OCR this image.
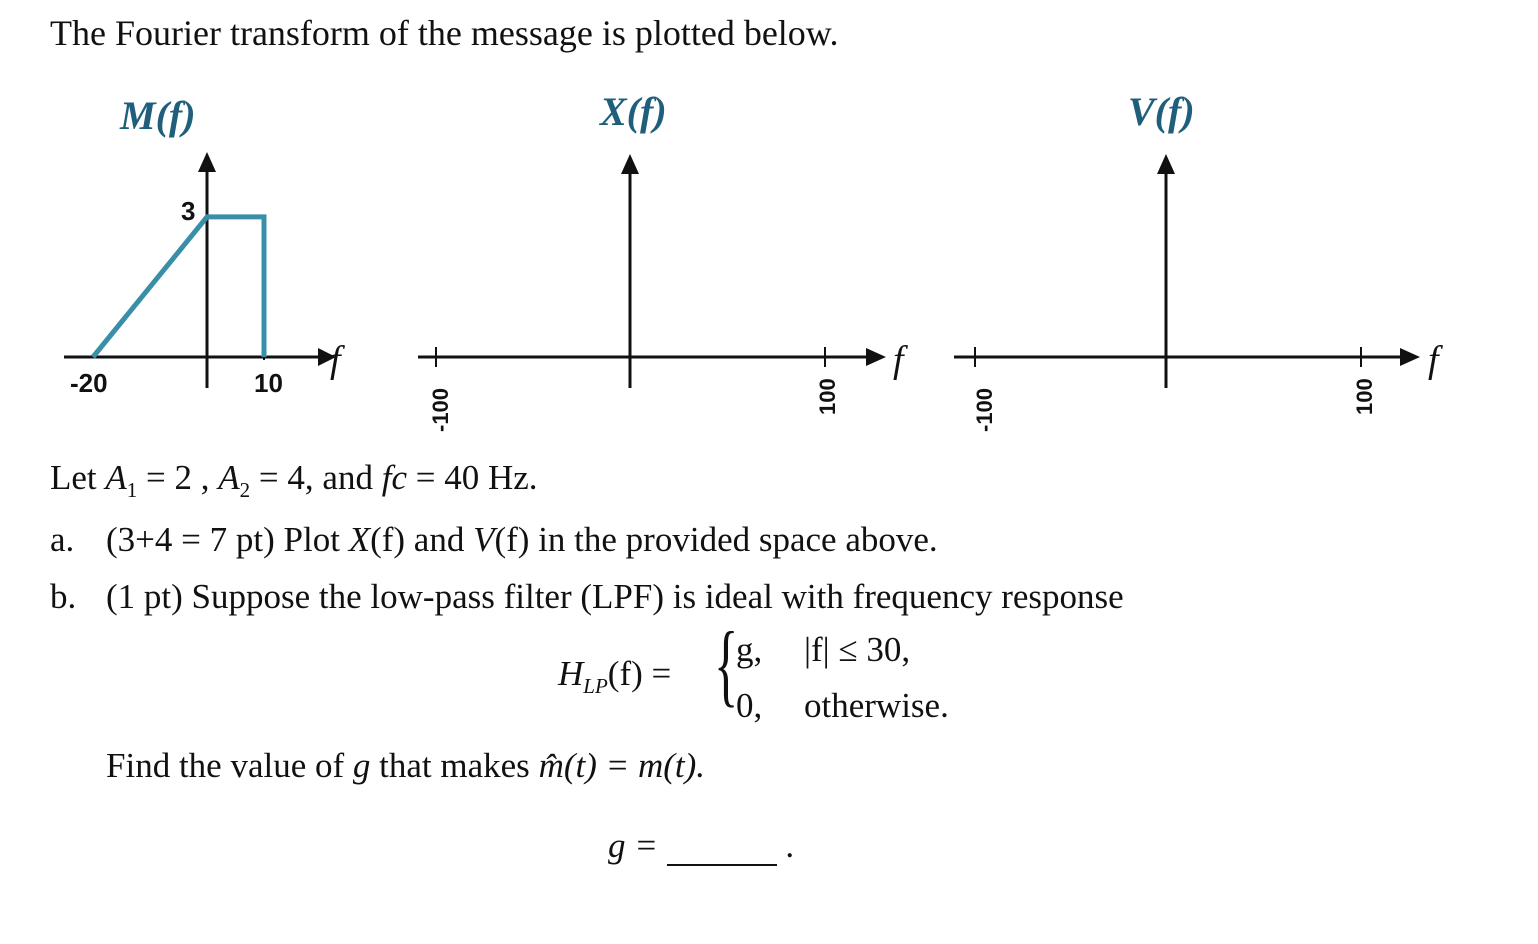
The Fourier transform of the message is plotted below.
M(f)	X(f)	V(f)
3
-20	10
f
-100	100
f
-100	100
f
Let $A_1 = 2$ , $A_2 = 4$, and fc = 40 Hz.
a. (3+4 = 7 pt) Plot X(f) and V(f) in the provided space above.
b. (1 pt) Suppose the low-pass filter (LPF) is ideal with frequency response
$H_{LP}(f)$ = {
g, |f| ≤ 30,
0, otherwise.
Find the value of g that makes m̂(t) = m(t).
g =	.
